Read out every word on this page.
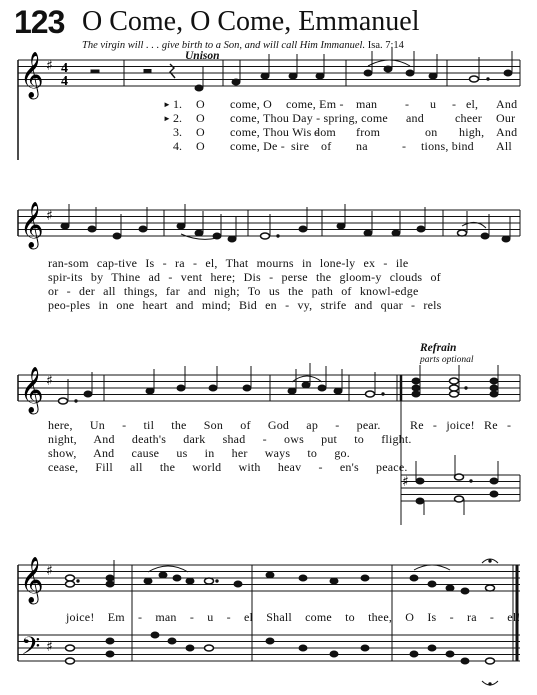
123 O Come, O Come, Emmanuel
The virgin will . . . give birth to a Son, and will call Him Immanuel. Isa. 7:14
Unison
𝄞 ♯ 4
4
►
►
1.
2.
3.
4.
O come, O come, Em - man - u - el, And
O come, Thou Day - spring, come and	cheer Our
O come, Thou Wis -
dom from	on high, And
O come, De - sire of na	- tions, bind All
𝄞 ♯
ran-som cap-tive Is - ra - el, That mourns in lone-ly ex - ile
spir-its by Thine ad - vent here; Dis - perse the gloom-y clouds of
or - der all things, far and nigh; To us the path of knowl-edge
peo-ples in one heart and mind; Bid en - vy, strife and quar - rels
Refrain
parts optional
𝄞 ♯
♯
here, Un - til the Son of God ap - pear.
night, And death's dark shad - ows put to flight.
show, And cause us in her ways to go.
cease, Fill all the world with heav - en's peace.
Re - joice! Re -
𝄞
𝄢
♯
♯
joice! Em - man - u - el Shall come to thee, O Is - ra - el!
